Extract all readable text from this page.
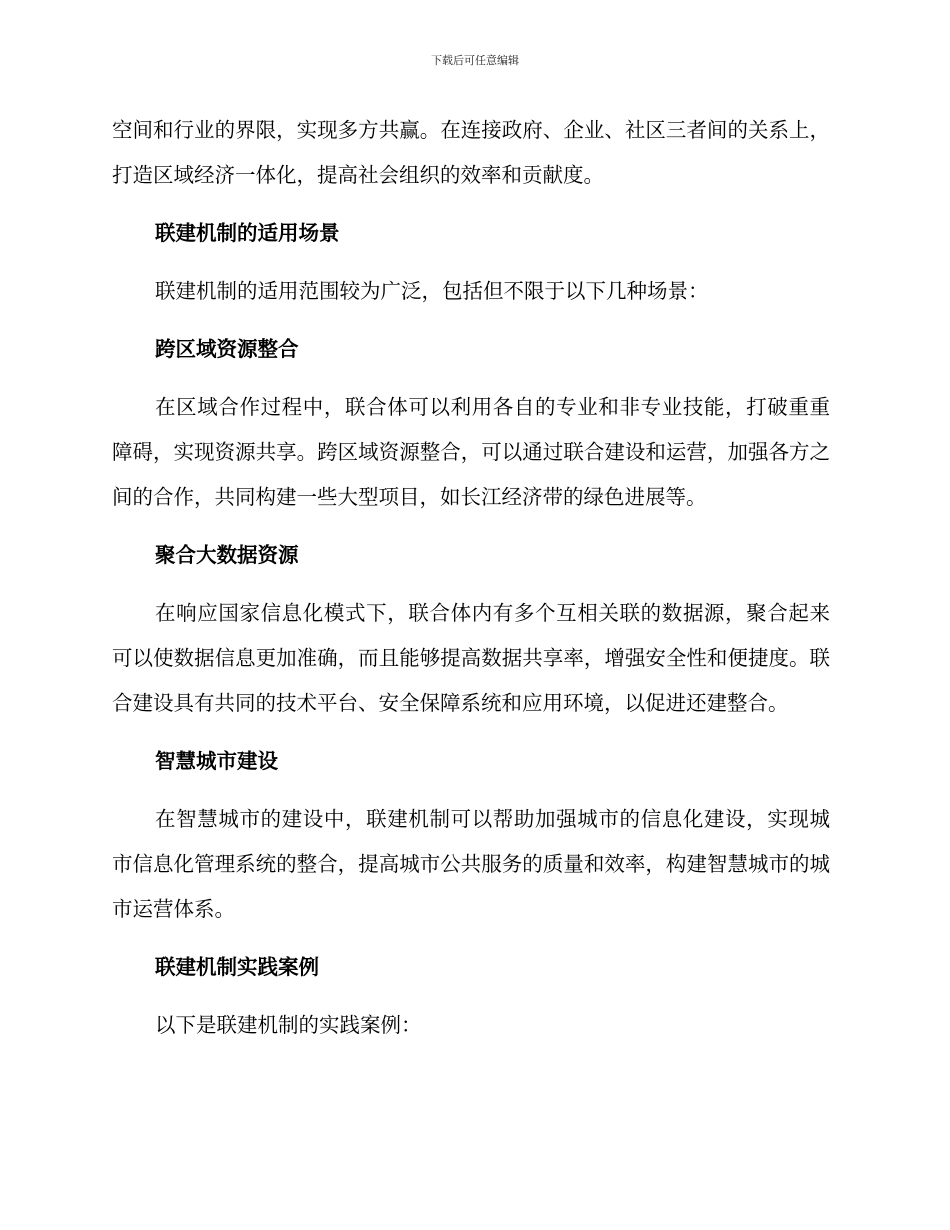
下载后可任意编辑

空间和行业的界限，实现多方共赢。在连接政府、企业、社区三者间的关系上，打造区域经济一体化，提高社会组织的效率和贡献度。

联建机制的适用场景

联建机制的适用范围较为广泛，包括但不限于以下几种场景：

跨区域资源整合

在区域合作过程中，联合体可以利用各自的专业和非专业技能，打破重重障碍，实现资源共享。跨区域资源整合，可以通过联合建设和运营，加强各方之间的合作，共同构建一些大型项目，如长江经济带的绿色进展等。

聚合大数据资源

在响应国家信息化模式下，联合体内有多个互相关联的数据源，聚合起来可以使数据信息更加准确，而且能够提高数据共享率，增强安全性和便捷度。联合建设具有共同的技术平台、安全保障系统和应用环境，以促进还建整合。

智慧城市建设

在智慧城市的建设中，联建机制可以帮助加强城市的信息化建设，实现城市信息化管理系统的整合，提高城市公共服务的质量和效率，构建智慧城市的城市运营体系。

联建机制实践案例

以下是联建机制的实践案例：
